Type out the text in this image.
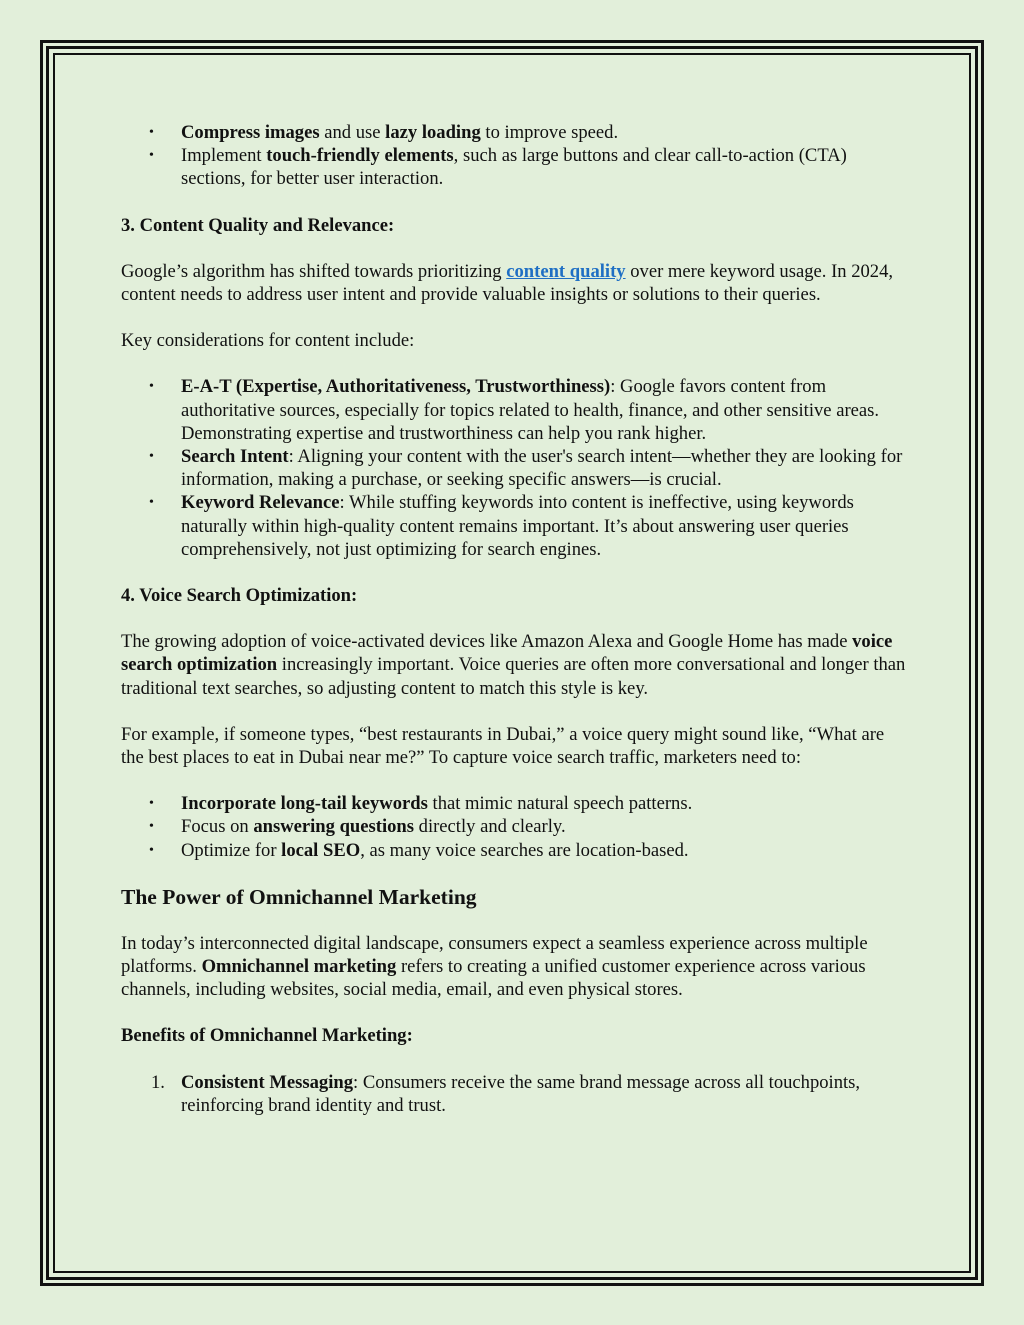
• Compress images and use lazy loading to improve speed.
• Implement touch-friendly elements, such as large buttons and clear call-to-action (CTA) sections, for better user interaction.

3. Content Quality and Relevance:

Google’s algorithm has shifted towards prioritizing content quality over mere keyword usage. In 2024, content needs to address user intent and provide valuable insights or solutions to their queries.

Key considerations for content include:

• E-A-T (Expertise, Authoritativeness, Trustworthiness): Google favors content from authoritative sources, especially for topics related to health, finance, and other sensitive areas. Demonstrating expertise and trustworthiness can help you rank higher.
• Search Intent: Aligning your content with the user's search intent—whether they are looking for information, making a purchase, or seeking specific answers—is crucial.
• Keyword Relevance: While stuffing keywords into content is ineffective, using keywords naturally within high-quality content remains important. It’s about answering user queries comprehensively, not just optimizing for search engines.

4. Voice Search Optimization:

The growing adoption of voice-activated devices like Amazon Alexa and Google Home has made voice search optimization increasingly important. Voice queries are often more conversational and longer than traditional text searches, so adjusting content to match this style is key.

For example, if someone types, “best restaurants in Dubai,” a voice query might sound like, “What are the best places to eat in Dubai near me?” To capture voice search traffic, marketers need to:

• Incorporate long-tail keywords that mimic natural speech patterns.
• Focus on answering questions directly and clearly.
• Optimize for local SEO, as many voice searches are location-based.

The Power of Omnichannel Marketing

In today’s interconnected digital landscape, consumers expect a seamless experience across multiple platforms. Omnichannel marketing refers to creating a unified customer experience across various channels, including websites, social media, email, and even physical stores.

Benefits of Omnichannel Marketing:

1. Consistent Messaging: Consumers receive the same brand message across all touchpoints, reinforcing brand identity and trust.
